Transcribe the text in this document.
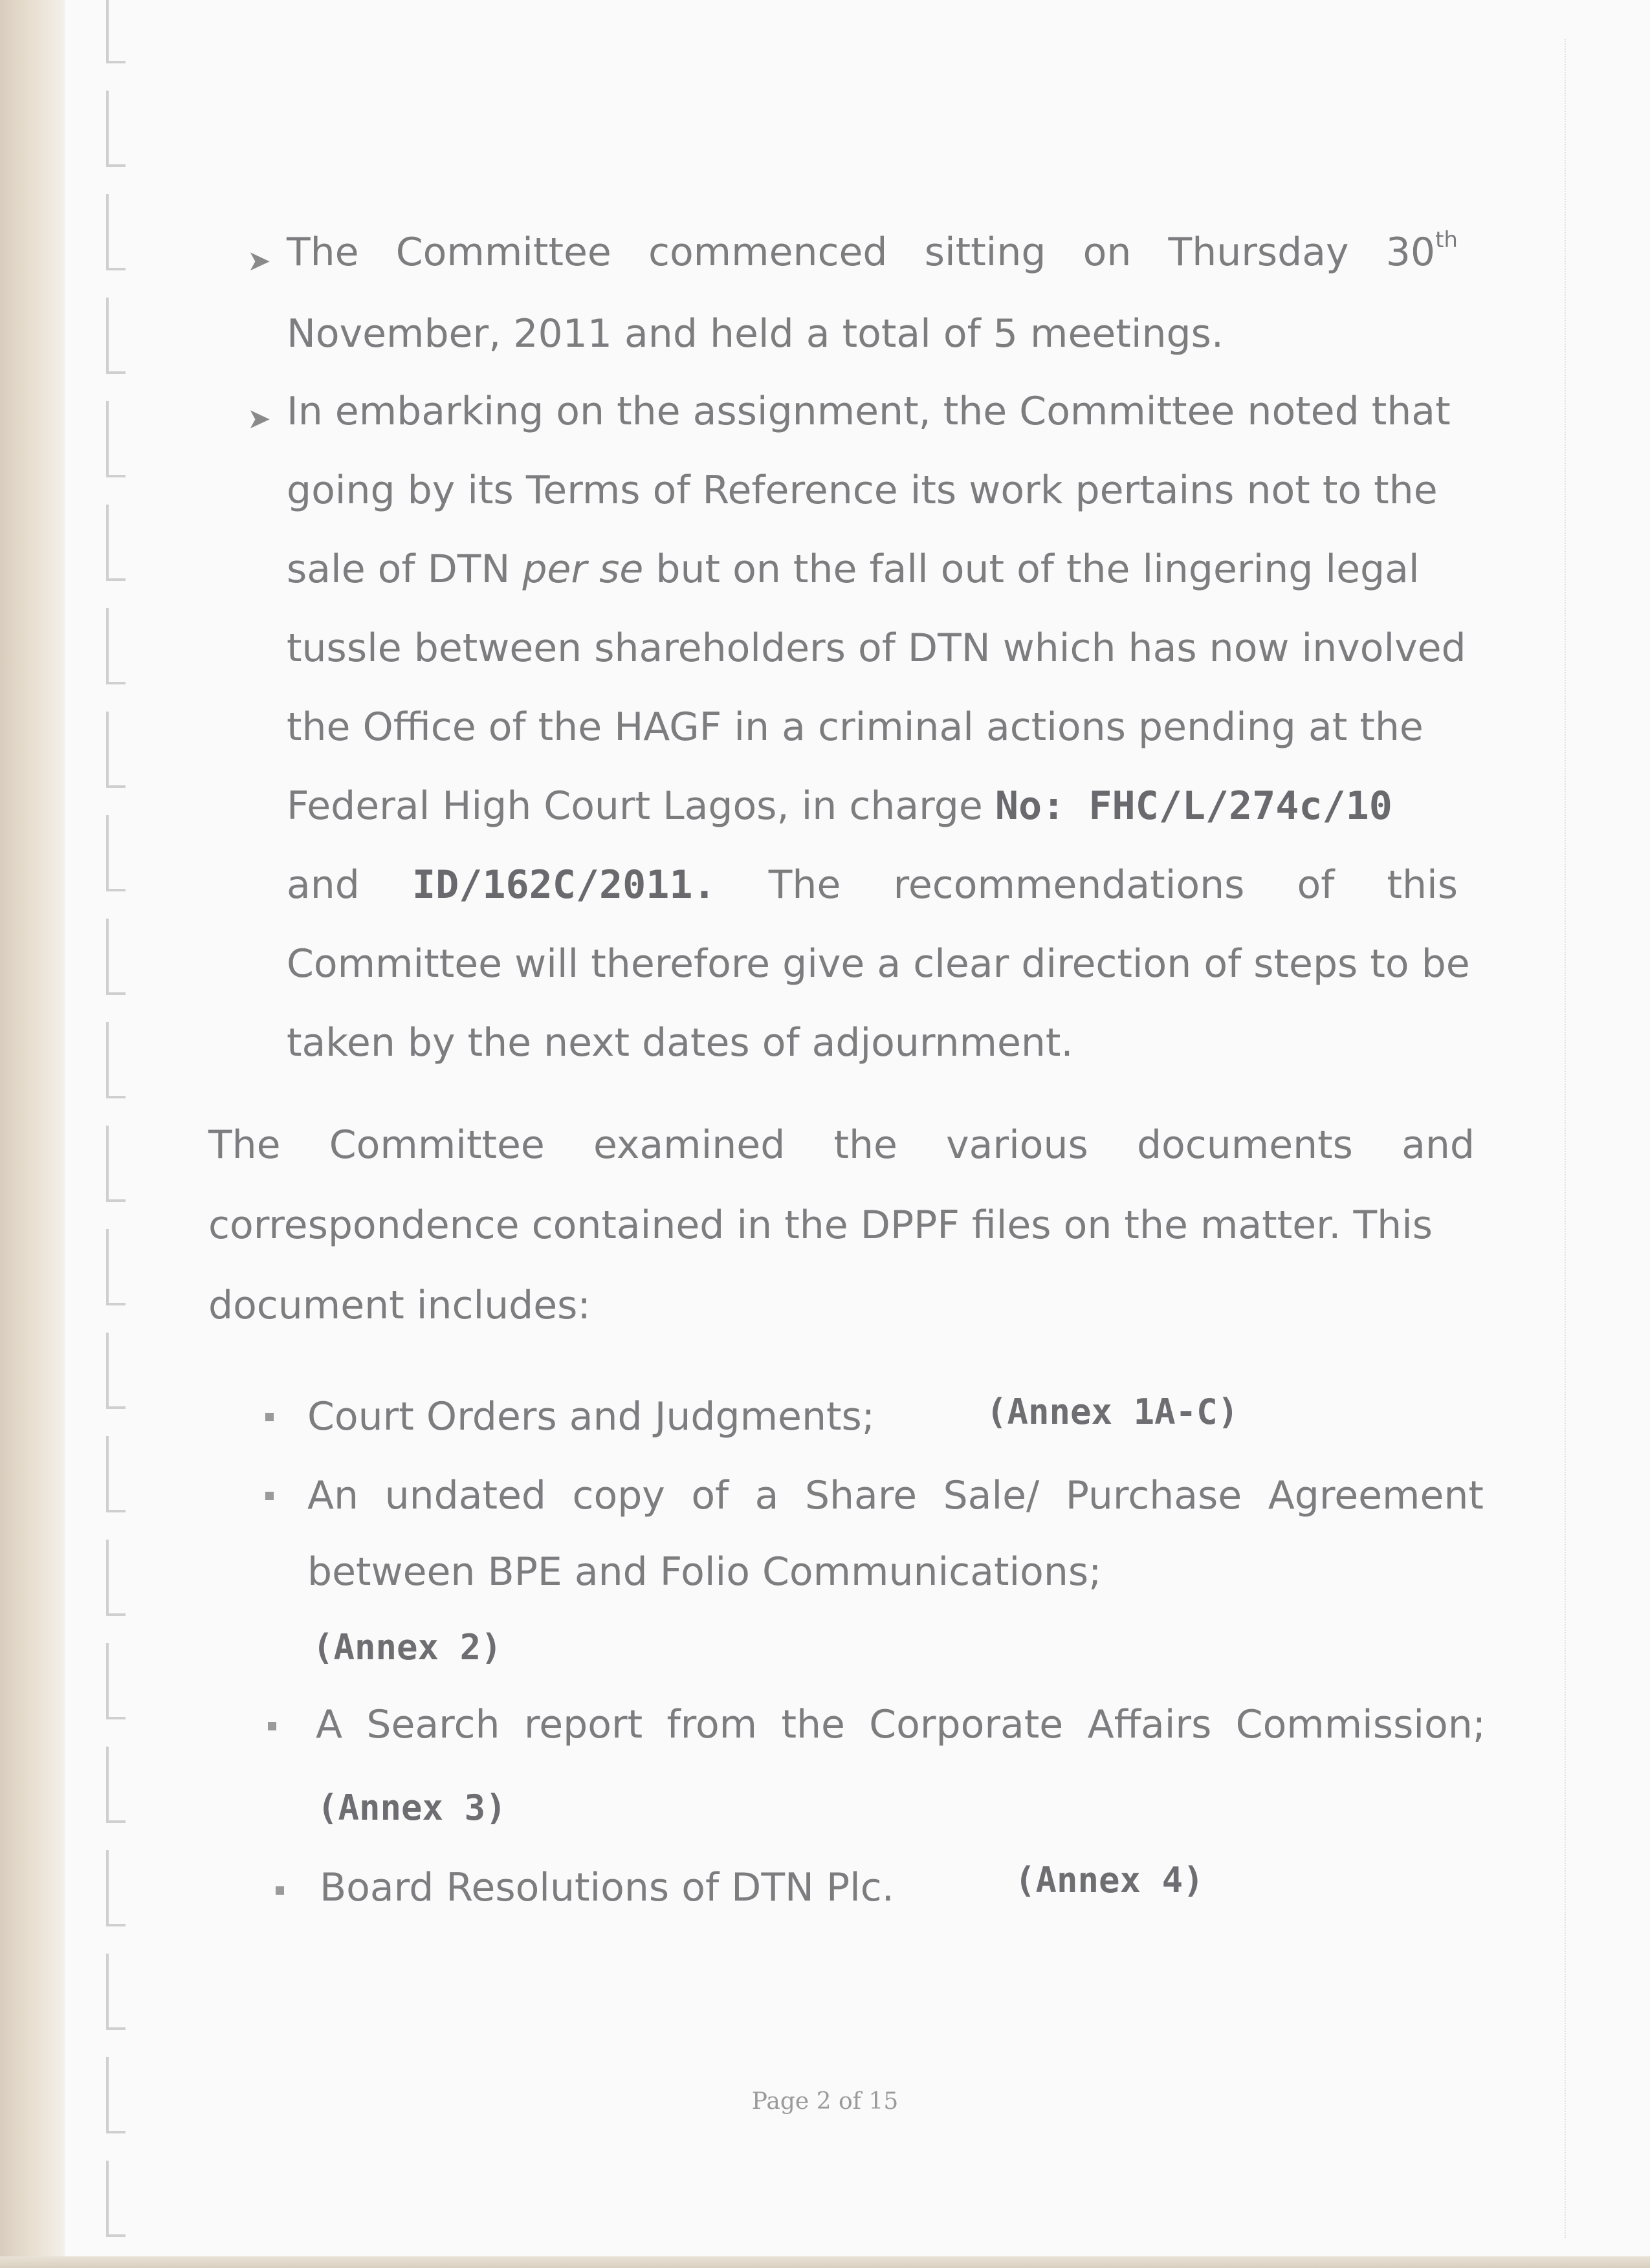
➤ The Committee commenced sitting on Thursday 30th

November, 2011 and held a total of 5 meetings.

➤ In embarking on the assignment, the Committee noted that

going by its Terms of Reference its work pertains not to the

sale of DTN per se but on the fall out of the lingering legal

tussle between shareholders of DTN which has now involved

the Office of the HAGF in a criminal actions pending at the

Federal High Court Lagos, in charge No: FHC/L/274c/10

and ID/162C/2011. The recommendations of this

Committee will therefore give a clear direction of steps to be

taken by the next dates of adjournment.

The Committee examined the various documents and

correspondence contained in the DPPF files on the matter. This

document includes:

Court Orders and Judgments;	(Annex 1A-C)

An undated copy of a Share Sale/ Purchase Agreement

between BPE and Folio Communications;

(Annex 2)

A Search report from the Corporate Affairs Commission;

(Annex 3)

Board Resolutions of DTN Plc.	(Annex 4)

Page 2 of 15
